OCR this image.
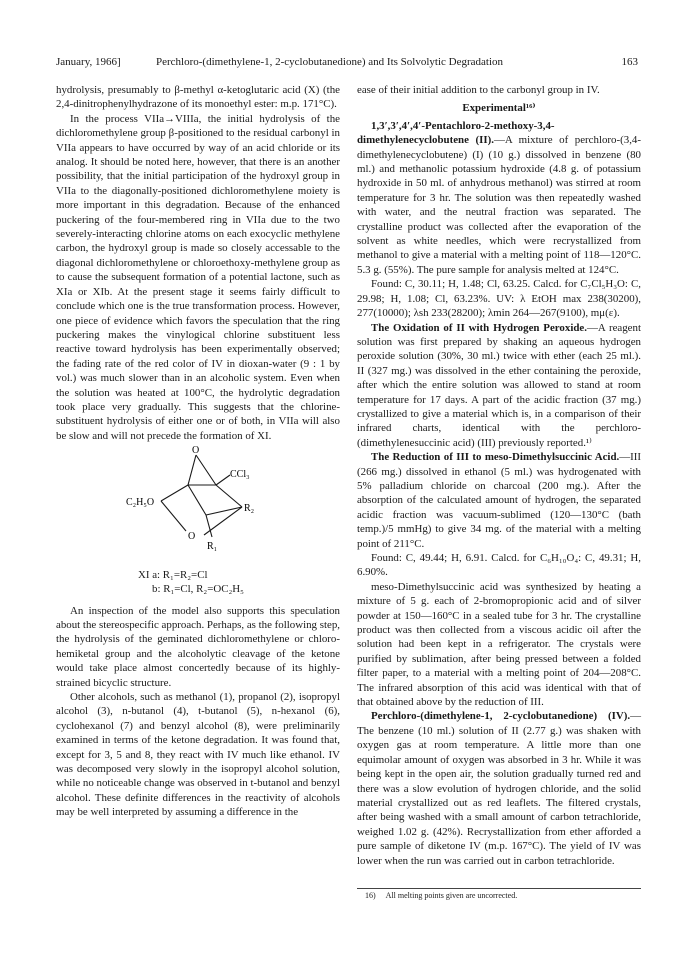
January, 1966]	Perchloro-(dimethylene-1, 2-cyclobutanedione) and Its Solvolytic Degradation	163

hydrolysis, presumably to β-methyl α-ketoglutaric acid (X) (the 2,4-dinitrophenylhydrazone of its monoethyl ester: m.p. 171°C).

In the process VIIa→VIIIa, the initial hydrolysis of the dichloromethylene group β-positioned to the residual carbonyl in VIIa appears to have occurred by way of an acid chloride or its analog. It should be noted here, however, that there is an another possibility, that the initial participation of the hydroxyl group in VIIa to the diagonally-positioned dichloromethylene moiety is more important in this degradation. Because of the enhanced puckering of the four-membered ring in VIIa due to the two severely-interacting chlorine atoms on each exocyclic methylene carbon, the hydroxyl group is made so closely accessable to the diagonal dichloromethylene or chloroethoxy-methylene group as to cause the subsequent formation of a potential lactone, such as XIa or XIb. At the present stage it seems fairly difficult to conclude which one is the true transformation process. However, one piece of evidence which favors the speculation that the ring puckering makes the vinylogical chlorine substituent less reactive toward hydrolysis has been experimentally observed; the fading rate of the red color of IV in dioxan-water (9 : 1 by vol.) was much slower than in an alcoholic system. Even when the solution was heated at 100°C, the hydrolytic degradation took place very gradually. This suggests that the chlorine-substituent hydrolysis of either one or of both, in VIIa will also be slow and will not precede the formation of XI.

O
CCl₃
C₂H₅O
R₂
O
R₁

XI a: R₁=R₂=Cl
b: R₁=Cl, R₂=OC₂H₅

An inspection of the model also supports this speculation about the stereospecific approach. Perhaps, as the following step, the hydrolysis of the geminated dichloromethylene or chloro-hemiketal group and the alcoholytic cleavage of the ketone would take place almost concertedly because of its highly-strained bicyclic structure.

Other alcohols, such as methanol (1), propanol (2), isopropyl alcohol (3), n-butanol (4), t-butanol (5), n-hexanol (6), cyclohexanol (7) and benzyl alcohol (8), were preliminarily examined in terms of the ketone degradation. It was found that, except for 3, 5 and 8, they react with IV much like ethanol. IV was decomposed very slowly in the isopropyl alcohol solution, while no noticeable change was observed in t-butanol and benzyl alcohol. These definite differences in the reactivity of alcohols may be well interpreted by assuming a difference in the

ease of their initial addition to the carbonyl group in IV.

Experimental¹⁶⁾

1,3′,3′,4′,4′-Pentachloro-2-methoxy-3,4-dimethylenecyclobutene (II).—A mixture of perchloro-(3,4-dimethylenecyclobutene) (I) (10 g.) dissolved in benzene (80 ml.) and methanolic potassium hydroxide (4.8 g. of potassium hydroxide in 50 ml. of anhydrous methanol) was stirred at room temperature for 3 hr. The solution was then repeatedly washed with water, and the neutral fraction was separated. The crystalline product was collected after the evaporation of the solvent as white needles, which were recrystallized from methanol to give a material with a melting point of 118—120°C. 5.3 g. (55%). The pure sample for analysis melted at 124°C.

Found: C, 30.11; H, 1.48; Cl, 63.25. Calcd. for C₇Cl₅H₃O: C, 29.98; H, 1.08; Cl, 63.23%. UV: λ EtOH max 238(30200), 277(10000); λsh 233(28200); λmin 264—267(9100), mμ(ε).

The Oxidation of II with Hydrogen Peroxide.—A reagent solution was first prepared by shaking an aqueous hydrogen peroxide solution (30%, 30 ml.) twice with ether (each 25 ml.). II (327 mg.) was dissolved in the ether containing the peroxide, after which the entire solution was allowed to stand at room temperature for 17 days. A part of the acidic fraction (37 mg.) crystallized to give a material which is, in a comparison of their infrared charts, identical with the perchloro-(dimethylenesuccinic acid) (III) previously reported.¹⁾

The Reduction of III to meso-Dimethylsuccinic Acid.—III (266 mg.) dissolved in ethanol (5 ml.) was hydrogenated with 5% palladium chloride on charcoal (200 mg.). After the absorption of the calculated amount of hydrogen, the separated acidic fraction was vacuum-sublimed (120—130°C (bath temp.)/5 mmHg) to give 34 mg. of the material with a melting point of 211°C.

Found: C, 49.44; H, 6.91. Calcd. for C₆H₁₀O₄: C, 49.31; H, 6.90%.

meso-Dimethylsuccinic acid was synthesized by heating a mixture of 5 g. each of 2-bromopropionic acid and of silver powder at 150—160°C in a sealed tube for 3 hr. The crystalline product was then collected from a viscous acidic oil after the solution had been kept in a refrigerator. The crystals were purified by sublimation, after being pressed between a folded filter paper, to a material with a melting point of 204—208°C. The infrared absorption of this acid was identical with that of that obtained above by the reduction of III.

Perchloro-(dimethylene-1, 2-cyclobutanedione) (IV).—The benzene (10 ml.) solution of II (2.77 g.) was shaken with oxygen gas at room temperature. A little more than one equimolar amount of oxygen was absorbed in 3 hr. While it was being kept in the open air, the solution gradually turned red and there was a slow evolution of hydrogen chloride, and the solid material crystallized out as red leaflets. The filtered crystals, after being washed with a small amount of carbon tetrachloride, weighed 1.02 g. (42%). Recrystallization from ether afforded a pure sample of diketone IV (m.p. 167°C). The yield of IV was lower when the run was carried out in carbon tetrachloride.

16) All melting points given are uncorrected.
